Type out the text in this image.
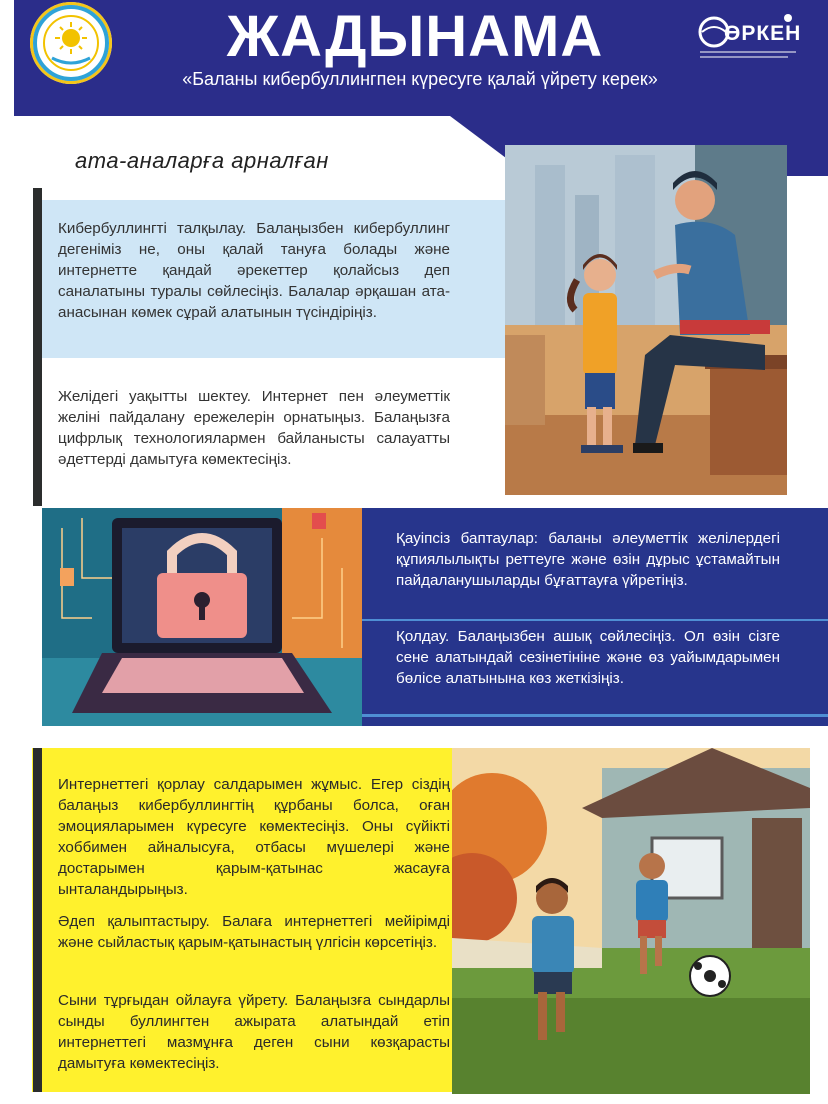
ЖАДЫНАМА
«Баланы кибербуллингпен күресуге қалай үйрету керек»
ӨРКЕН
ата-аналарға арналған
Кибербуллингті талқылау. Балаңызбен кибербуллинг дегеніміз не, оны қалай тануға болады және интернетте қандай әрекеттер қолайсыз деп саналатыны туралы сөйлесіңіз. Балалар әрқашан ата-анасынан көмек сұрай алатынын түсіндіріңіз.
Желідегі уақытты шектеу. Интернет пен әлеуметтік желіні пайдалану ережелерін орнатыңыз. Балаңызға цифрлық технологиялармен байланысты салауатты әдеттерді дамытуға көмектесіңіз.
Қауіпсіз баптаулар: баланы әлеуметтік желілердегі құпиялылықты реттеуге және өзін дұрыс ұстамайтын пайдаланушыларды бұғаттауға үйретіңіз.
Қолдау. Балаңызбен ашық сөйлесіңіз. Ол өзін сізге сене алатындай сезінетініне және өз уайымдарымен бөлісе алатынына көз жеткізіңіз.
Интернеттегі қорлау салдарымен жұмыс. Егер сіздің балаңыз кибербуллингтің құрбаны болса, оған эмоцияларымен күресуге көмектесіңіз. Оны сүйікті хоббимен айналысуға, отбасы мүшелері және достарымен қарым-қатынас жасауға ынталандырыңыз.
Әдеп қалыптастыру. Балаға интернеттегі мейірімді және сыйластық қарым-қатынастың үлгісін көрсетіңіз.
Сыни тұрғыдан ойлауға үйрету. Балаңызға сындарлы сынды буллингтен ажырата алатындай етіп интернеттегі мазмұнға деген сыни көзқарасты дамытуға көмектесіңіз.
